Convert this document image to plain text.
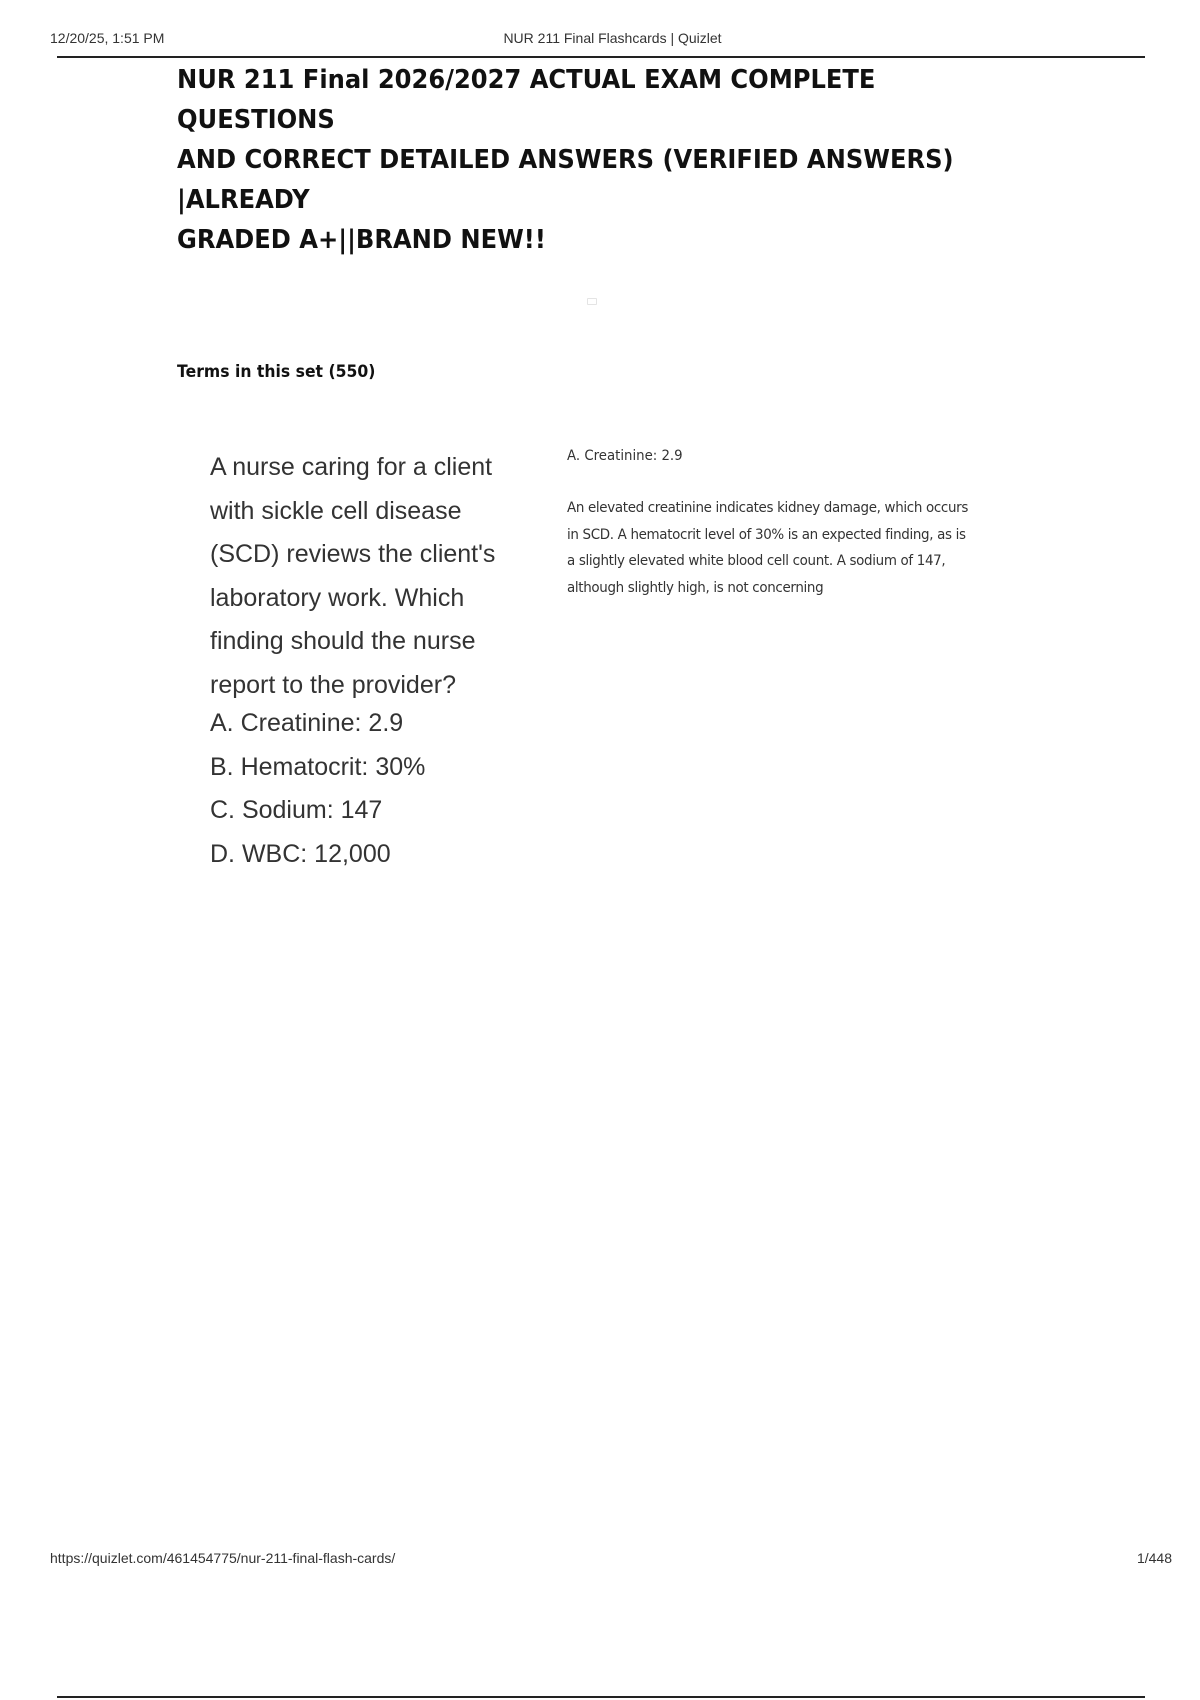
12/20/25, 1:51 PM	NUR 211 Final Flashcards | Quizlet
NUR 211 Final 2026/2027 ACTUAL EXAM COMPLETE QUESTIONS
AND CORRECT DETAILED ANSWERS (VERIFIED ANSWERS) |ALREADY
GRADED A+||BRAND NEW!!
Terms in this set (550)
A nurse caring for a client
with sickle cell disease
(SCD) reviews the client's
laboratory work. Which
finding should the nurse
report to the provider?
A. Creatinine: 2.9
B. Hematocrit: 30%
C. Sodium: 147
D. WBC: 12,000
A. Creatinine: 2.9
An elevated creatinine indicates kidney damage, which occurs
in SCD. A hematocrit level of 30% is an expected finding, as is
a slightly elevated white blood cell count. A sodium of 147,
although slightly high, is not concerning
https://quizlet.com/461454775/nur-211-final-flash-cards/	1/448
